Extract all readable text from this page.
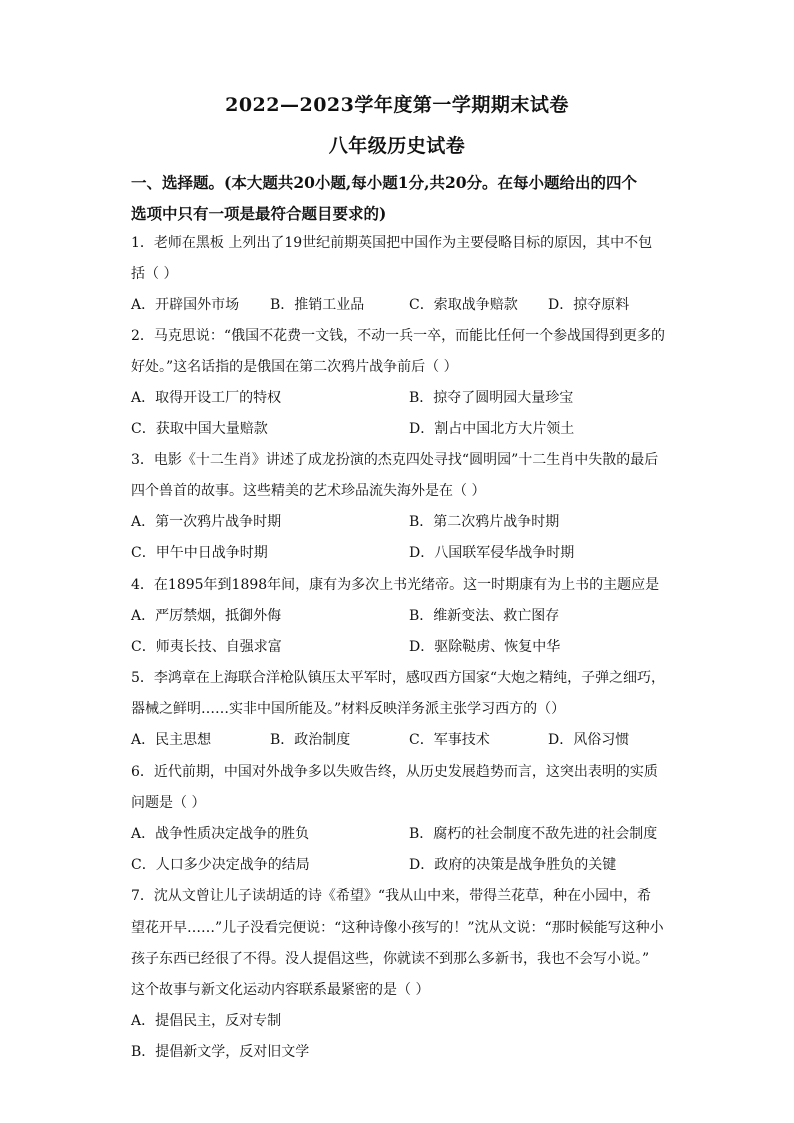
2022—2023学年度第一学期期末试卷
八年级历史试卷
一、选择题。(本大题共20小题,每小题1分,共20分。在每小题给出的四个
选项中只有一项是最符合题目要求的)
1．老师在黑板 上列出了19世纪前期英国把中国作为主要侵略目标的原因，其中不包
括（ ）
A．开辟国外市场 B．推销工业品	C．索取战争赔款 D．掠夺原料
2．马克思说：“俄国不花费一文钱，不动一兵一卒，而能比任何一个参战国得到更多的
好处。”这名话指的是俄国在第二次鸦片战争前后（ ）
A．取得开设工厂的特权	B．掠夺了圆明园大量珍宝
C．获取中国大量赔款	D．割占中国北方大片领土
3．电影《十二生肖》讲述了成龙扮演的杰克四处寻找“圆明园”十二生肖中失散的最后
四个兽首的故事。这些精美的艺术珍品流失海外是在（ ）
A．第一次鸦片战争时期	B．第二次鸦片战争时期
C．甲午中日战争时期	D．八国联军侵华战争时期
4．在1895年到1898年间，康有为多次上书光绪帝。这一时期康有为上书的主题应是
A．严厉禁烟，抵御外侮	B．维新变法、救亡图存
C．师夷长技、自强求富	D．驱除鞑虏、恢复中华
5．李鸿章在上海联合洋枪队镇压太平军时，感叹西方国家“大炮之精纯，子弹之细巧，
器械之鲜明……实非中国所能及。”材料反映洋务派主张学习西方的（）
A．民主思想	B．政治制度	C．军事技术	D．风俗习惯
6．近代前期，中国对外战争多以失败告终，从历史发展趋势而言，这突出表明的实质
问题是（ ）
A．战争性质决定战争的胜负	B．腐朽的社会制度不敌先进的社会制度
C．人口多少决定战争的结局	D．政府的决策是战争胜负的关键
7．沈从文曾让儿子读胡适的诗《希望》“我从山中来，带得兰花草，种在小园中，希
望花开早……”儿子没看完便说：“这种诗像小孩写的！”沈从文说：“那时候能写这种小
孩子东西已经很了不得。没人提倡这些，你就读不到那么多新书，我也不会写小说。”
这个故事与新文化运动内容联系最紧密的是（ ）
A．提倡民主，反对专制
B．提倡新文学，反对旧文学
